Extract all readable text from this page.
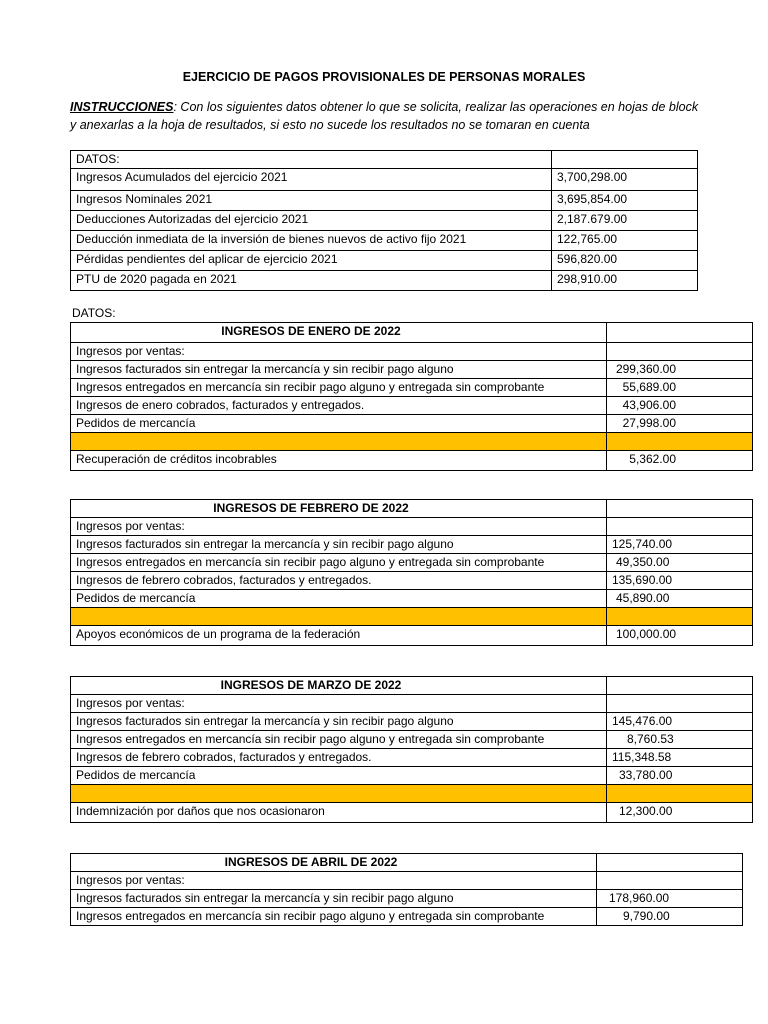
EJERCICIO DE PAGOS PROVISIONALES DE PERSONAS MORALES
INSTRUCCIONES: Con los siguientes datos obtener lo que se solicita, realizar las operaciones en hojas de block y anexarlas a la hoja de resultados, si esto no sucede los resultados no se tomaran en cuenta
DATOS:	
Ingresos Acumulados del ejercicio 2021	3,700,298.00
Ingresos Nominales 2021	3,695,854.00
Deducciones Autorizadas del ejercicio 2021	2,187.679.00
Deducción inmediata de la inversión de bienes nuevos de activo fijo 2021	122,765.00
Pérdidas pendientes del aplicar de ejercicio 2021	596,820.00
PTU de 2020 pagada en 2021	298,910.00
DATOS:
INGRESOS DE ENERO DE 2022	
Ingresos por ventas:	
Ingresos facturados sin entregar la mercancía y sin recibir pago alguno	299,360.00
Ingresos entregados en mercancía sin recibir pago alguno y entregada sin comprobante	55,689.00
Ingresos de enero cobrados, facturados y entregados.	43,906.00
Pedidos de mercancía	27,998.00

Recuperación de créditos incobrables	5,362.00
INGRESOS DE FEBRERO DE 2022	
Ingresos por ventas:	
Ingresos facturados sin entregar la mercancía y sin recibir pago alguno	125,740.00
Ingresos entregados en mercancía sin recibir pago alguno y entregada sin comprobante	49,350.00
Ingresos de febrero cobrados, facturados y entregados.	135,690.00
Pedidos de mercancía	45,890.00

Apoyos económicos de un programa de la federación	100,000.00
INGRESOS DE MARZO DE 2022	
Ingresos por ventas:	
Ingresos facturados sin entregar la mercancía y sin recibir pago alguno	145,476.00
Ingresos entregados en mercancía sin recibir pago alguno y entregada sin comprobante	8,760.53
Ingresos de febrero cobrados, facturados y entregados.	115,348.58
Pedidos de mercancía	33,780.00

Indemnización por daños que nos ocasionaron	12,300.00
INGRESOS DE ABRIL DE 2022	
Ingresos por ventas:	
Ingresos facturados sin entregar la mercancía y sin recibir pago alguno	178,960.00
Ingresos entregados en mercancía sin recibir pago alguno y entregada sin comprobante	9,790.00
